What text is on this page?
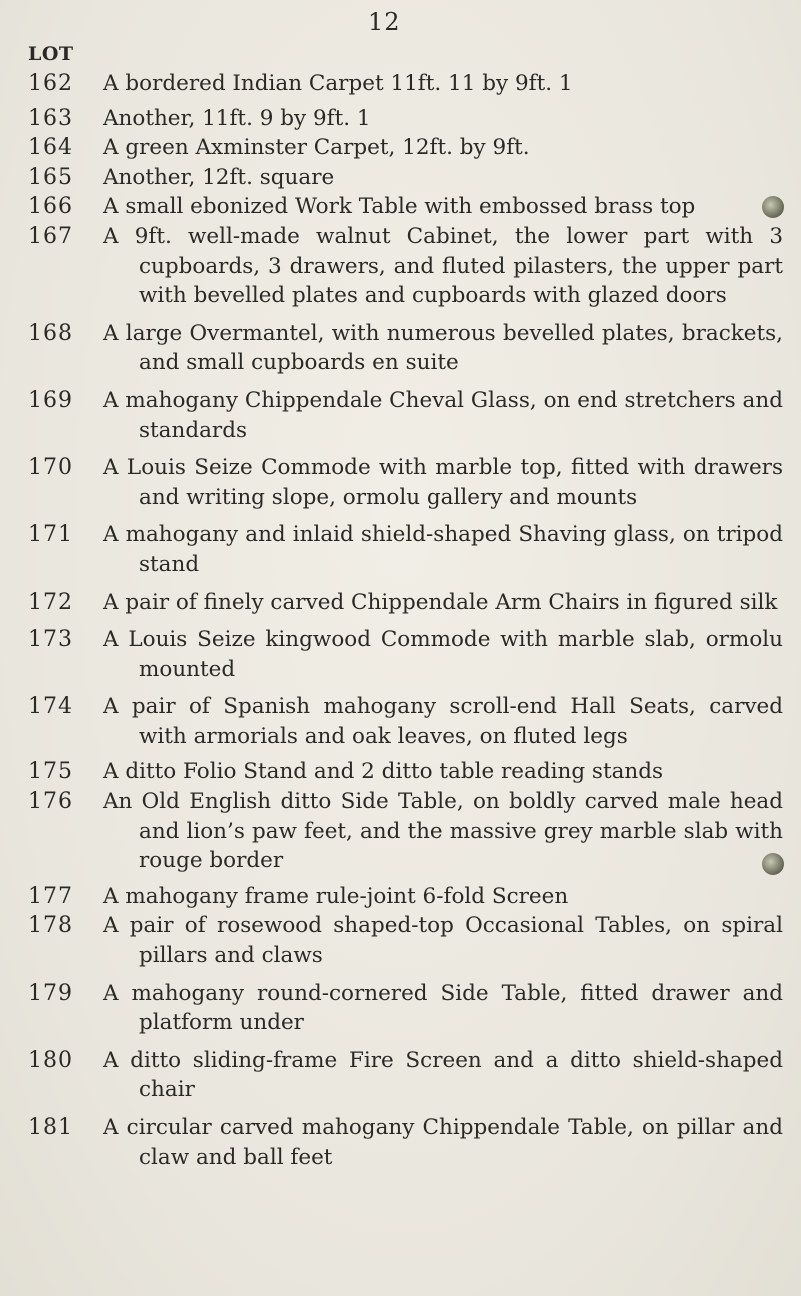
12
LOT
162	A bordered Indian Carpet 11ft. 11 by 9ft. 1
163	Another, 11ft. 9 by 9ft. 1
164	A green Axminster Carpet, 12ft. by 9ft.
165	Another, 12ft. square
166	A small ebonized Work Table with embossed brass top
167	A 9ft. well-made walnut Cabinet, the lower part with 3 cupboards, 3 drawers, and fluted pilasters, the upper part with bevelled plates and cupboards with glazed doors
168	A large Overmantel, with numerous bevelled plates, brackets, and small cupboards en suite
169	A mahogany Chippendale Cheval Glass, on end stretchers and standards
170	A Louis Seize Commode with marble top, fitted with drawers and writing slope, ormolu gallery and mounts
171	A mahogany and inlaid shield-shaped Shaving glass, on tripod stand
172	A pair of finely carved Chippendale Arm Chairs in figured silk
173	A Louis Seize kingwood Commode with marble slab, ormolu mounted
174	A pair of Spanish mahogany scroll-end Hall Seats, carved with armorials and oak leaves, on fluted legs
175	A ditto Folio Stand and 2 ditto table reading stands
176	An Old English ditto Side Table, on boldly carved male head and lion’s paw feet, and the massive grey marble slab with rouge border
177	A mahogany frame rule-joint 6-fold Screen
178	A pair of rosewood shaped-top Occasional Tables, on spiral pillars and claws
179	A mahogany round-cornered Side Table, fitted drawer and platform under
180	A ditto sliding-frame Fire Screen and a ditto shield-shaped chair
181	A circular carved mahogany Chippendale Table, on pillar and claw and ball feet
